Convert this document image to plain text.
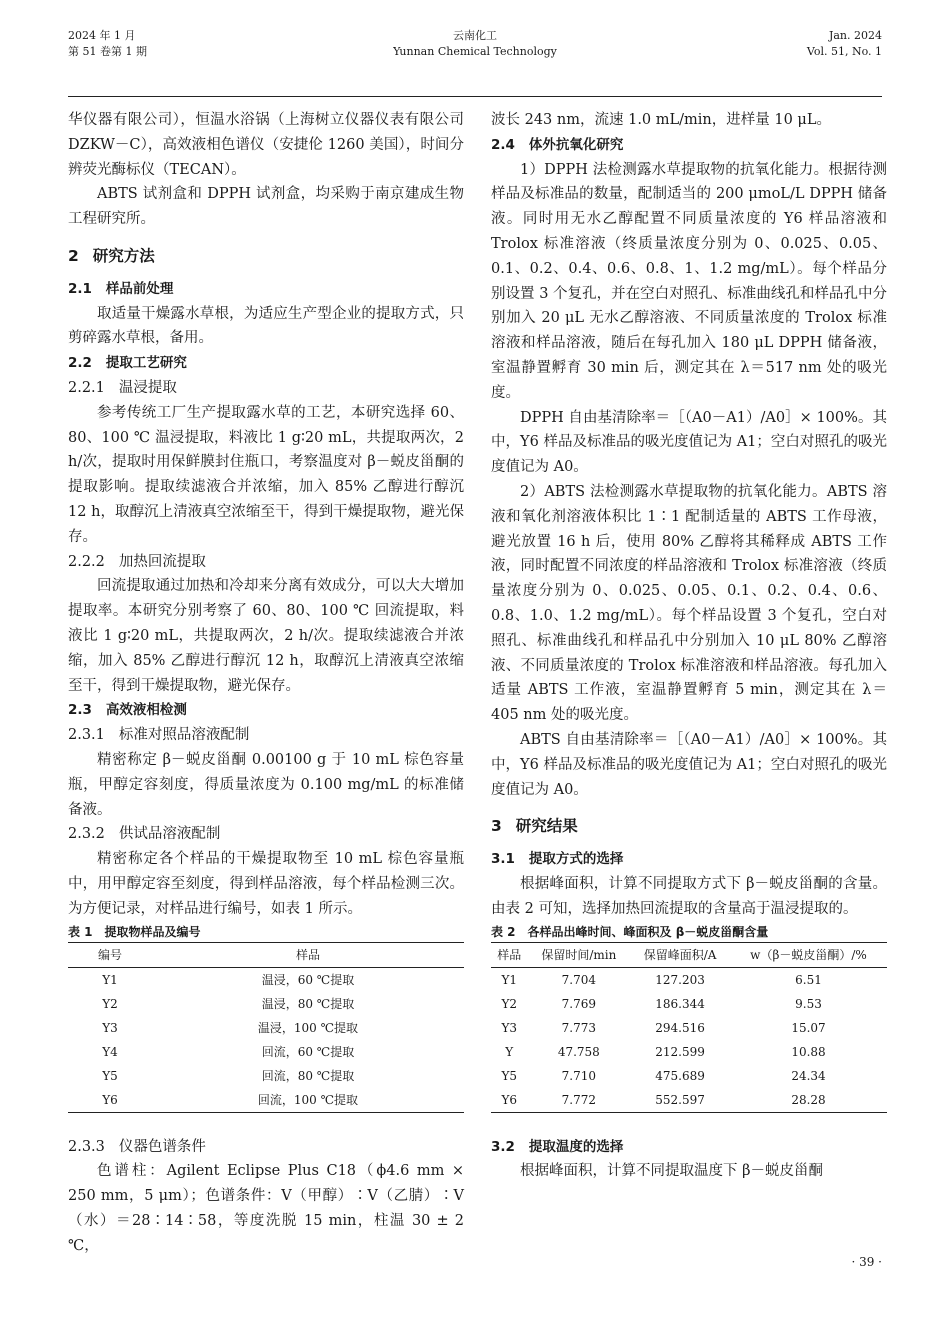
2024 年 1 月
第 51 卷第 1 期
云南化工
Yunnan Chemical Technology
Jan. 2024
Vol. 51, No. 1

华仪器有限公司），恒温水浴锅（上海树立仪器仪表有限公司 DZKW－C），高效液相色谱仪（安捷伦 1260 美国），时间分辨荧光酶标仪（TECAN）。

ABTS 试剂盒和 DPPH 试剂盒，均采购于南京建成生物工程研究所。

2 研究方法
2.1 样品前处理

取适量干燥露水草根，为适应生产型企业的提取方式，只剪碎露水草根，备用。

2.2 提取工艺研究
2.2.1 温浸提取

参考传统工厂生产提取露水草的工艺，本研究选择 60、80、100 ℃ 温浸提取，料液比 1 g∶20 mL，共提取两次，2 h/次，提取时用保鲜膜封住瓶口，考察温度对 β－蜕皮甾酮的提取影响。提取续滤液合并浓缩，加入 85% 乙醇进行醇沉 12 h，取醇沉上清液真空浓缩至干，得到干燥提取物，避光保存。

2.2.2 加热回流提取

回流提取通过加热和冷却来分离有效成分，可以大大增加提取率。本研究分别考察了 60、80、100 ℃ 回流提取，料液比 1 g∶20 mL，共提取两次，2 h/次。提取续滤液合并浓缩，加入 85% 乙醇进行醇沉 12 h，取醇沉上清液真空浓缩至干，得到干燥提取物，避光保存。

2.3 高效液相检测
2.3.1 标准对照品溶液配制

精密称定 β－蜕皮甾酮 0.00100 g 于 10 mL 棕色容量瓶，甲醇定容刻度，得质量浓度为 0.100 mg/mL 的标准储备液。

2.3.2 供试品溶液配制

精密称定各个样品的干燥提取物至 10 mL 棕色容量瓶中，用甲醇定容至刻度，得到样品溶液，每个样品检测三次。为方便记录，对样品进行编号，如表 1 所示。

表 1　提取物样品及编号

编号	样品
Y1	温浸，60 ℃提取
Y2	温浸，80 ℃提取
Y3	温浸，100 ℃提取
Y4	回流，60 ℃提取
Y5	回流，80 ℃提取
Y6	回流，100 ℃提取
2.3.3 仪器色谱条件

色谱柱：Agilent Eclipse Plus C18（ϕ4.6 mm × 250 mm，5 μm）；色谱条件：V（甲醇）∶V（乙腈）∶V（水）＝28∶14∶58，等度洗脱 15 min，柱温 30 ± 2 ℃，

波长 243 nm，流速 1.0 mL/min，进样量 10 μL。

2.4 体外抗氧化研究

1）DPPH 法检测露水草提取物的抗氧化能力。根据待测样品及标准品的数量，配制适当的 200 μmoL/L DPPH 储备液。同时用无水乙醇配置不同质量浓度的 Y6 样品溶液和 Trolox 标准溶液（终质量浓度分别为 0、0.025、0.05、0.1、0.2、0.4、0.6、0.8、1、1.2 mg/mL）。每个样品分别设置 3 个复孔，并在空白对照孔、标准曲线孔和样品孔中分别加入 20 μL 无水乙醇溶液、不同质量浓度的 Trolox 标准溶液和样品溶液，随后在每孔加入 180 μL DPPH 储备液，室温静置孵育 30 min 后，测定其在 λ＝517 nm 处的吸光度。

DPPH 自由基清除率＝［（A0－A1）/A0］× 100%。其中，Y6 样品及标准品的吸光度值记为 A1；空白对照孔的吸光度值记为 A0。

2）ABTS 法检测露水草提取物的抗氧化能力。ABTS 溶液和氧化剂溶液体积比 1∶1 配制适量的 ABTS 工作母液，避光放置 16 h 后，使用 80% 乙醇将其稀释成 ABTS 工作液，同时配置不同浓度的样品溶液和 Trolox 标准溶液（终质量浓度分别为 0、0.025、0.05、0.1、0.2、0.4、0.6、0.8、1.0、1.2 mg/mL）。每个样品设置 3 个复孔，空白对照孔、标准曲线孔和样品孔中分别加入 10 μL 80% 乙醇溶液、不同质量浓度的 Trolox 标准溶液和样品溶液。每孔加入适量 ABTS 工作液，室温静置孵育 5 min，测定其在 λ＝405 nm 处的吸光度。

ABTS 自由基清除率＝［（A0－A1）/A0］× 100%。其中，Y6 样品及标准品的吸光度值记为 A1；空白对照孔的吸光度值记为 A0。

3 研究结果
3.1 提取方式的选择

根据峰面积，计算不同提取方式下 β－蜕皮甾酮的含量。由表 2 可知，选择加热回流提取的含量高于温浸提取的。

表 2　各样品出峰时间、峰面积及 β－蜕皮甾酮含量

样品	保留时间/min	保留峰面积/A	w（β－蜕皮甾酮）/%
Y1	7.704	127.203	6.51
Y2	7.769	186.344	9.53
Y3	7.773	294.516	15.07
Y	47.758	212.599	10.88
Y5	7.710	475.689	24.34
Y6	7.772	552.597	28.28
3.2 提取温度的选择

根据峰面积，计算不同提取温度下 β－蜕皮甾酮

· 39 ·
